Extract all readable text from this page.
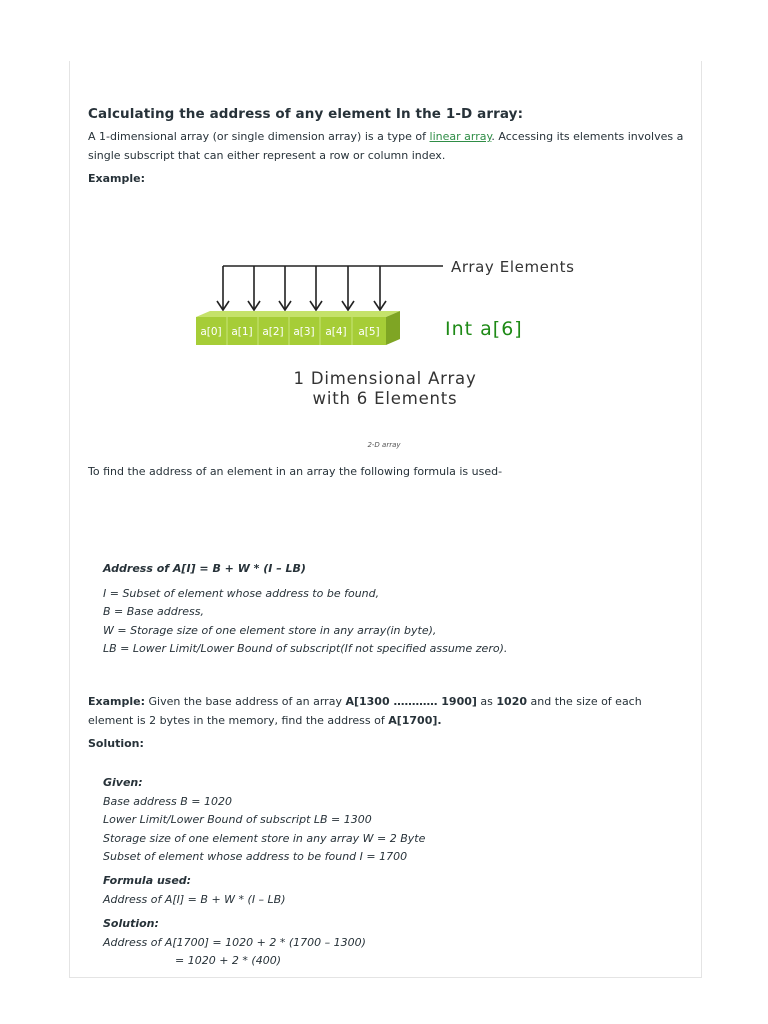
Calculating the address of any element In the 1-D array:

A 1-dimensional array (or single dimension array) is a type of linear array. Accessing its elements involves a single subscript that can either represent a row or column index.

Example:

Array Elements
a[0] a[1] a[2] a[3] a[4] a[5]	Int a[6]
1 Dimensional Array
with 6 Elements
2-D array

To find the address of an element in an array the following formula is used-

Address of A[I] = B + W * (I – LB)
I = Subset of element whose address to be found,
B = Base address,
W = Storage size of one element store in any array(in byte),
LB = Lower Limit/Lower Bound of subscript(If not specified assume zero).

Example: Given the base address of an array A[1300 ………… 1900] as 1020 and the size of each element is 2 bytes in the memory, find the address of A[1700].

Solution:

Given:
Base address B = 1020
Lower Limit/Lower Bound of subscript LB = 1300
Storage size of one element store in any array W = 2 Byte
Subset of element whose address to be found I = 1700
Formula used:
Address of A[I] = B + W * (I – LB)
Solution:
Address of A[1700] = 1020 + 2 * (1700 – 1300)
= 1020 + 2 * (400)
